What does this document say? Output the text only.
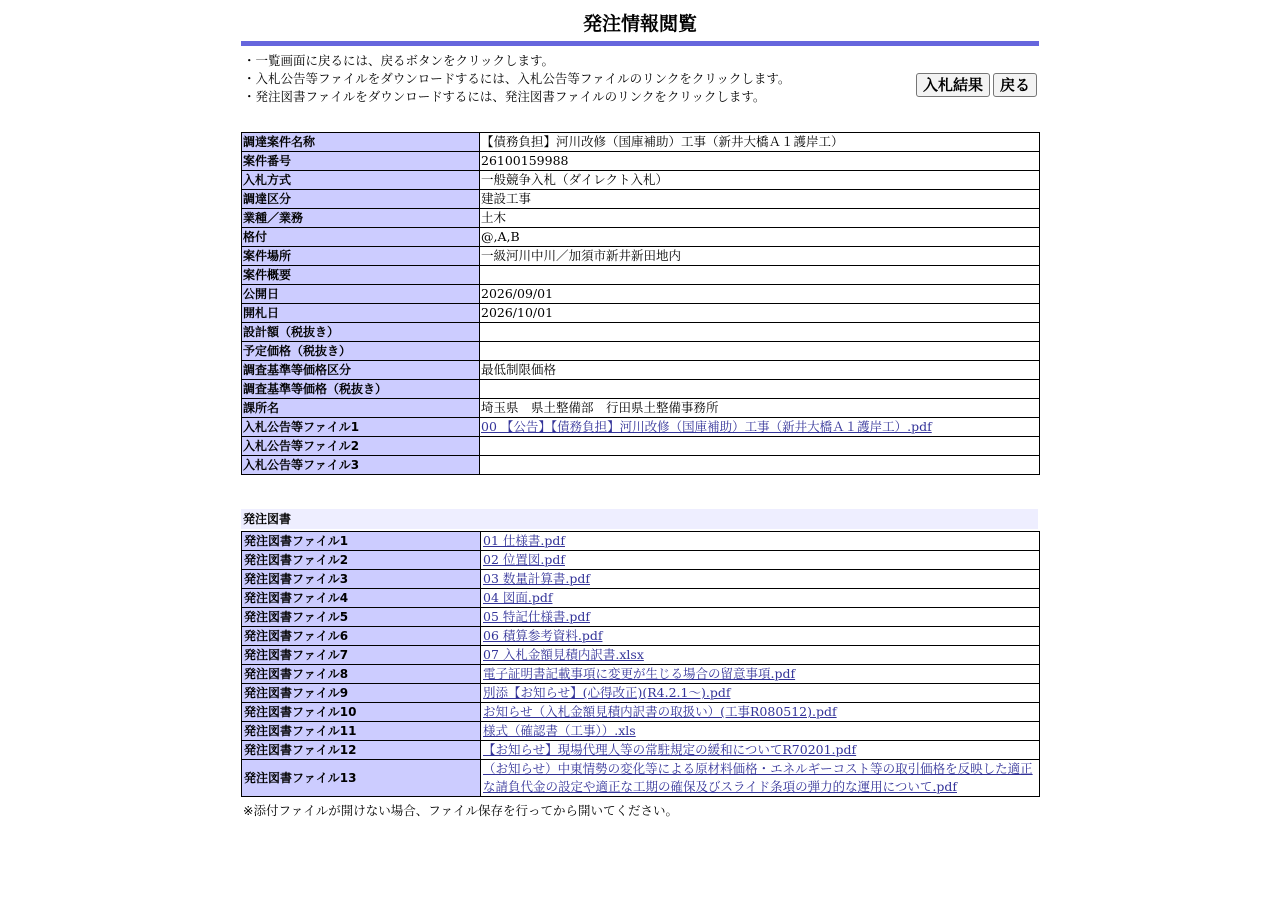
発注情報閲覧
・一覧画面に戻るには、戻るボタンをクリックします。
・入札公告等ファイルをダウンロードするには、入札公告等ファイルのリンクをクリックします。
・発注図書ファイルをダウンロードするには、発注図書ファイルのリンクをクリックします。
入札結果	戻る
調達案件名称	【債務負担】河川改修（国庫補助）工事（新井大橋Ａ１護岸工）
案件番号	26100159988
入札方式	一般競争入札（ダイレクト入札）
調達区分	建設工事
業種／業務	土木
格付	@,A,B
案件場所	一級河川中川／加須市新井新田地内
案件概要	
公開日	2026/09/01
開札日	2026/10/01
設計額（税抜き）	
予定価格（税抜き）	
調査基準等価格区分	最低制限価格
調査基準等価格（税抜き）	
課所名	埼玉県　県土整備部　行田県土整備事務所
入札公告等ファイル1	00 【公告】【債務負担】河川改修（国庫補助）工事（新井大橋Ａ１護岸工）.pdf
入札公告等ファイル2	
入札公告等ファイル3	
発注図書
発注図書ファイル1	01 仕様書.pdf
発注図書ファイル2	02 位置図.pdf
発注図書ファイル3	03 数量計算書.pdf
発注図書ファイル4	04 図面.pdf
発注図書ファイル5	05 特記仕様書.pdf
発注図書ファイル6	06 積算参考資料.pdf
発注図書ファイル7	07 入札金額見積内訳書.xlsx
発注図書ファイル8	電子証明書記載事項に変更が生じる場合の留意事項.pdf
発注図書ファイル9	別添【お知らせ】(心得改正)(R4.2.1～).pdf
発注図書ファイル10	お知らせ（入札金額見積内訳書の取扱い）(工事R080512).pdf
発注図書ファイル11	様式（確認書（工事））.xls
発注図書ファイル12	【お知らせ】現場代理人等の常駐規定の緩和についてR70201.pdf
発注図書ファイル13	（お知らせ）中東情勢の変化等による原材料価格・エネルギーコスト等の取引価格を反映した適正な請負代金の設定や適正な工期の確保及びスライド条項の弾力的な運用について.pdf
※添付ファイルが開けない場合、ファイル保存を行ってから開いてください。
